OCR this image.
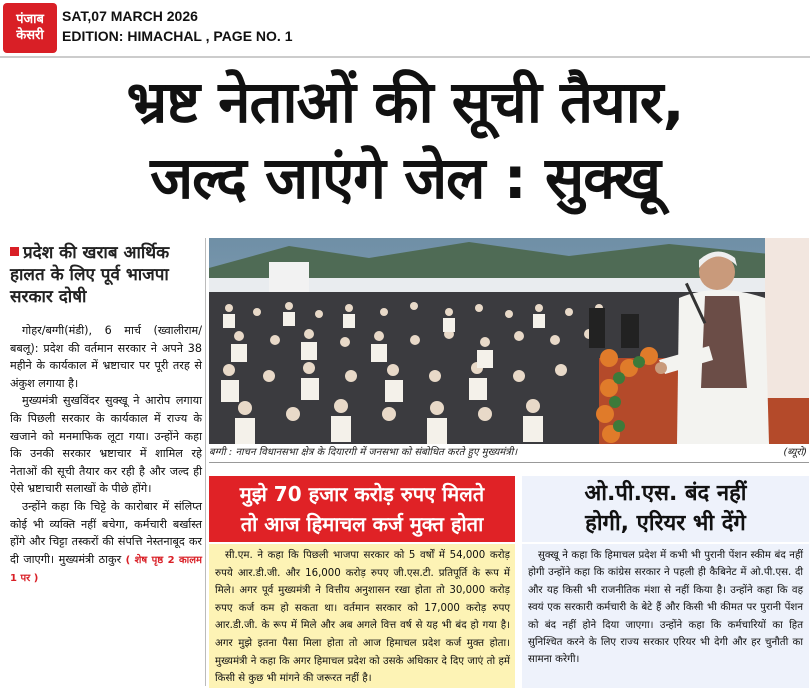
पंजाब
केसरी
SAT,07 MARCH 2026
EDITION: HIMACHAL , PAGE NO. 1
भ्रष्ट नेताओं की सूची तैयार,
जल्द जाएंगे जेल : सुक्खू
प्रदेश की खराब आर्थिक हालत के लिए पूर्व भाजपा सरकार दोषी

गोहर/बग्गी(मंडी), 6 मार्च (ख्वालीराम/बबलू): प्रदेश की वर्तमान सरकार ने अपने 38 महीने के कार्यकाल में भ्रष्टाचार पर पूरी तरह से अंकुश लगाया है।

मुख्यमंत्री सुखविंदर सुक्खू ने आरोप लगाया कि पिछली सरकार के कार्यकाल में राज्य के खजाने को मनमाफिक लूटा गया। उन्होंने कहा कि उनकी सरकार भ्रष्टाचार में शामिल रहे नेताओं की सूची तैयार कर रही है और जल्द ही ऐसे भ्रष्टाचारी सलाखों के पीछे होंगे।

उन्होंने कहा कि चिट्टे के कारोबार में संलिप्त कोई भी व्यक्ति नहीं बचेगा, कर्मचारी बर्खास्त होंगे और चिट्टा तस्करों की संपत्ति नेस्तनाबूद कर दी जाएगी। मुख्यमंत्री ठाकुर ( शेष पृष्ठ 2 कालम 1 पर )

बग्गी : नाचन विधानसभा क्षेत्र के दियारगी में जनसभा को संबोधित करते हुए मुख्यमंत्री।	(ब्यूरो)
मुझे 70 हजार करोड़ रुपए मिलते
तो आज हिमाचल कर्ज मुक्त होता

सी.एम. ने कहा कि पिछली भाजपा सरकार को 5 वर्षों में 54,000 करोड़ रुपये आर.डी.जी. और 16,000 करोड़ रुपए जी.एस.टी. प्रतिपूर्ति के रूप में मिले। अगर पूर्व मुख्यमंत्री ने वित्तीय अनुशासन रखा होता तो 30,000 करोड़ रुपए कर्ज कम हो सकता था। वर्तमान सरकार को 17,000 करोड़ रुपए आर.डी.जी. के रूप में मिले और अब अगले वित्त वर्ष से यह भी बंद हो गया है। अगर मुझे इतना पैसा मिला होता तो आज हिमाचल प्रदेश कर्ज मुक्त होता। मुख्यमंत्री ने कहा कि अगर हिमाचल प्रदेश को उसके अधिकार दे दिए जाएं तो हमें किसी से कुछ भी मांगने की जरूरत नहीं है।

ओ.पी.एस. बंद नहीं
होगी, एरियर भी देंगे

सुक्खू ने कहा कि हिमाचल प्रदेश में कभी भी पुरानी पेंशन स्कीम बंद नहीं होगी उन्होंने कहा कि कांग्रेस सरकार ने पहली ही कैबिनेट में ओ.पी.एस. दी और यह किसी भी राजनीतिक मंशा से नहीं किया है। उन्होंने कहा कि वह स्वयं एक सरकारी कर्मचारी के बेटे हैं और किसी भी कीमत पर पुरानी पेंशन को बंद नहीं होने दिया जाएगा। उन्होंने कहा कि कर्मचारियों का हित सुनिश्चित करने के लिए राज्य सरकार एरियर भी देगी और हर चुनौती का सामना करेगी।
